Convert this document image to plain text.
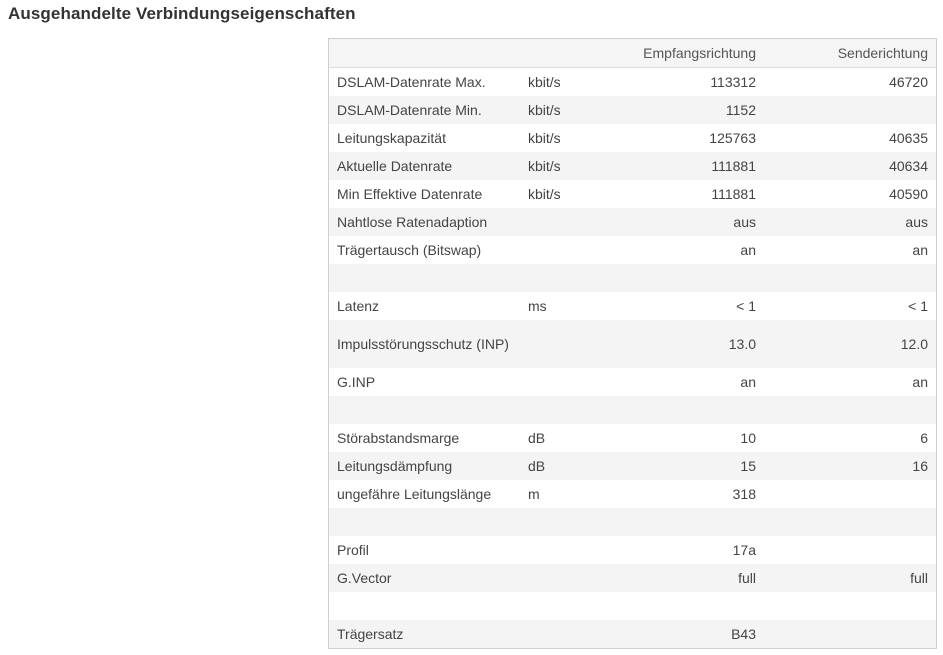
Ausgehandelte Verbindungseigenschaften
		Empfangsrichtung	Senderichtung
DSLAM-Datenrate Max.	kbit/s	113312	46720
DSLAM-Datenrate Min.	kbit/s	1152	
Leitungskapazität	kbit/s	125763	40635
Aktuelle Datenrate	kbit/s	111881	40634
Min Effektive Datenrate	kbit/s	111881	40590
Nahtlose Ratenadaption		aus	aus
Trägertausch (Bitswap)		an	an

Latenz	ms	< 1	< 1
Impulsstörungsschutz (INP)		13.0	12.0
G.INP		an	an

Störabstandsmarge	dB	10	6
Leitungsdämpfung	dB	15	16
ungefähre Leitungslänge	m	318	

Profil		17a	
G.Vector		full	full

Trägersatz		B43	
